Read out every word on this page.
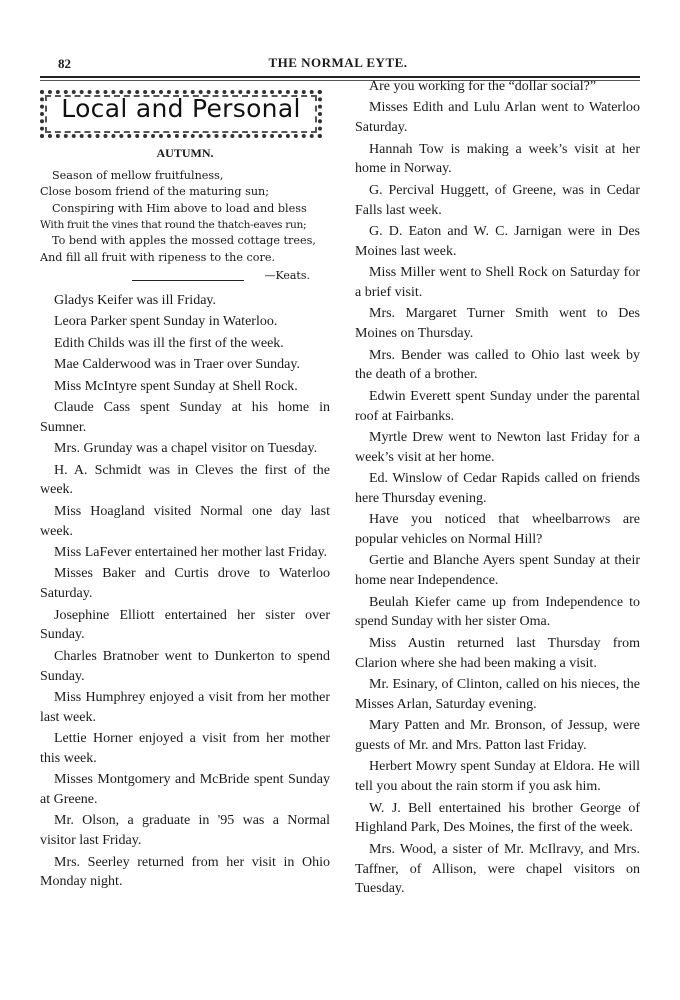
82	THE NORMAL EYTE.
Local and Personal
AUTUMN.
Season of mellow fruitfulness,
Close bosom friend of the maturing sun;
Conspiring with Him above to load and bless
With fruit the vines that round the thatch-eaves run;
To bend with apples the mossed cottage trees,
And fill all fruit with ripeness to the core.
—Keats.

Gladys Keifer was ill Friday.

Leora Parker spent Sunday in Waterloo.

Edith Childs was ill the first of the week.

Mae Calderwood was in Traer over Sunday.

Miss McIntyre spent Sunday at Shell Rock.

Claude Cass spent Sunday at his home in Sumner.

Mrs. Grunday was a chapel visitor on Tuesday.

H. A. Schmidt was in Cleves the first of the week.

Miss Hoagland visited Normal one day last week.

Miss LaFever entertained her mother last Friday.

Misses Baker and Curtis drove to Waterloo Saturday.

Josephine Elliott entertained her sister over Sunday.

Charles Bratnober went to Dunkerton to spend Sunday.

Miss Humphrey enjoyed a visit from her mother last week.

Lettie Horner enjoyed a visit from her mother this week.

Misses Montgomery and McBride spent Sunday at Greene.

Mr. Olson, a graduate in '95 was a Normal visitor last Friday.

Mrs. Seerley returned from her visit in Ohio Monday night.

Are you working for the “dollar social?”

Misses Edith and Lulu Arlan went to Waterloo Saturday.

Hannah Tow is making a week’s visit at her home in Norway.

G. Percival Huggett, of Greene, was in Cedar Falls last week.

G. D. Eaton and W. C. Jarnigan were in Des Moines last week.

Miss Miller went to Shell Rock on Saturday for a brief visit.

Mrs. Margaret Turner Smith went to Des Moines on Thursday.

Mrs. Bender was called to Ohio last week by the death of a brother.

Edwin Everett spent Sunday under the parental roof at Fairbanks.

Myrtle Drew went to Newton last Friday for a week’s visit at her home.

Ed. Winslow of Cedar Rapids called on friends here Thursday evening.

Have you noticed that wheelbarrows are popular vehicles on Normal Hill?

Gertie and Blanche Ayers spent Sunday at their home near Independence.

Beulah Kiefer came up from Independence to spend Sunday with her sister Oma.

Miss Austin returned last Thursday from Clarion where she had been making a visit.

Mr. Esinary, of Clinton, called on his nieces, the Misses Arlan, Saturday evening.

Mary Patten and Mr. Bronson, of Jessup, were guests of Mr. and Mrs. Patton last Friday.

Herbert Mowry spent Sunday at Eldora. He will tell you about the rain storm if you ask him.

W. J. Bell entertained his brother George of Highland Park, Des Moines, the first of the week.

Mrs. Wood, a sister of Mr. McIlravy, and Mrs. Taffner, of Allison, were chapel visitors on Tuesday.
